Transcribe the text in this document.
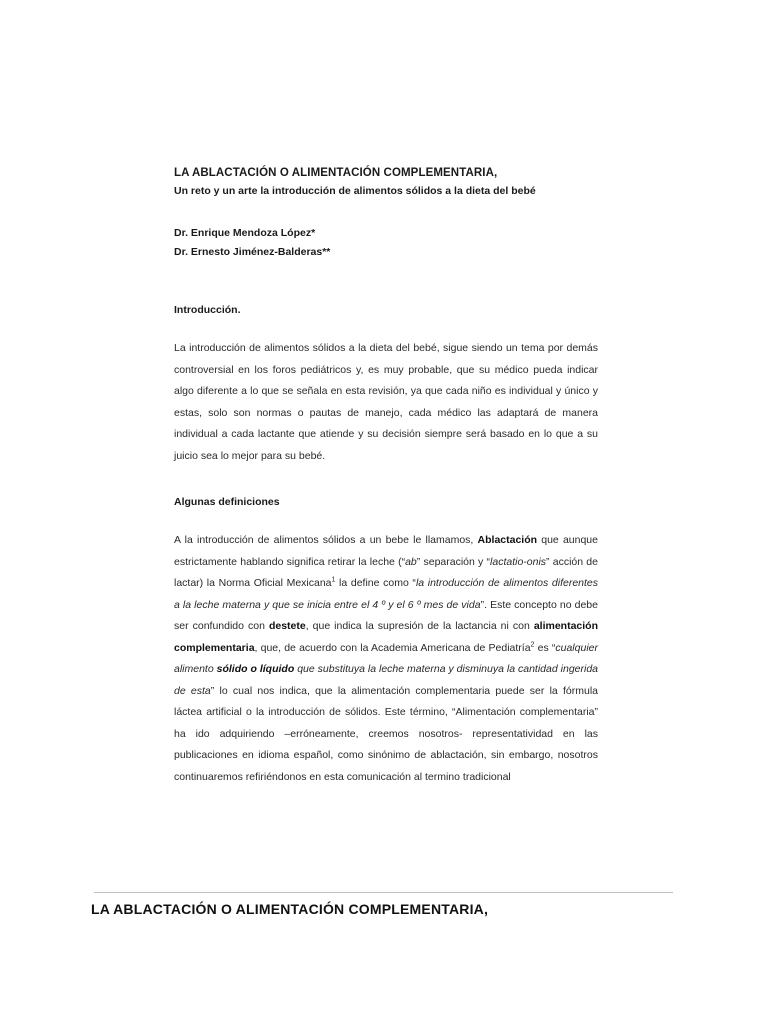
LA ABLACTACIÓN O ALIMENTACIÓN COMPLEMENTARIA,

Un reto y un arte la introducción de alimentos sólidos a la dieta del bebé

Dr. Enrique Mendoza López*
Dr. Ernesto Jiménez-Balderas**
Introducción.

La introducción de alimentos sólidos a la dieta del bebé, sigue siendo un tema por demás controversial en los foros pediátricos y, es muy probable, que su médico pueda indicar algo diferente a lo que se señala en esta revisión, ya que cada niño es individual y único y estas, solo son normas o pautas de manejo, cada médico las adaptará de manera individual a cada lactante que atiende y su decisión siempre será basado en lo que a su juicio sea lo mejor para su bebé.

Algunas definiciones

A la introducción de alimentos sólidos a un bebe le llamamos, Ablactación que aunque estrictamente hablando significa retirar la leche (“ab” separación y “lactatio-onis” acción de lactar) la Norma Oficial Mexicana$^1$ la define como “la introducción de alimentos diferentes a la leche materna y que se inicia entre el 4 º y el 6 º mes de vida”. Este concepto no debe ser confundido con destete, que indica la supresión de la lactancia ni con alimentación complementaria, que, de acuerdo con la Academia Americana de Pediatría$^2$ es “cualquier alimento sólido o líquido que substituya la leche materna y disminuya la cantidad ingerida de esta” lo cual nos indica, que la alimentación complementaria puede ser la fórmula láctea artificial o la introducción de sólidos. Este término, “Alimentación complementaria” ha ido adquiriendo –erróneamente, creemos nosotros- representatividad en las publicaciones en idioma español, como sinónimo de ablactación, sin embargo, nosotros continuaremos refiriéndonos en esta comunicación al termino tradicional

LA ABLACTACIÓN O ALIMENTACIÓN COMPLEMENTARIA,
